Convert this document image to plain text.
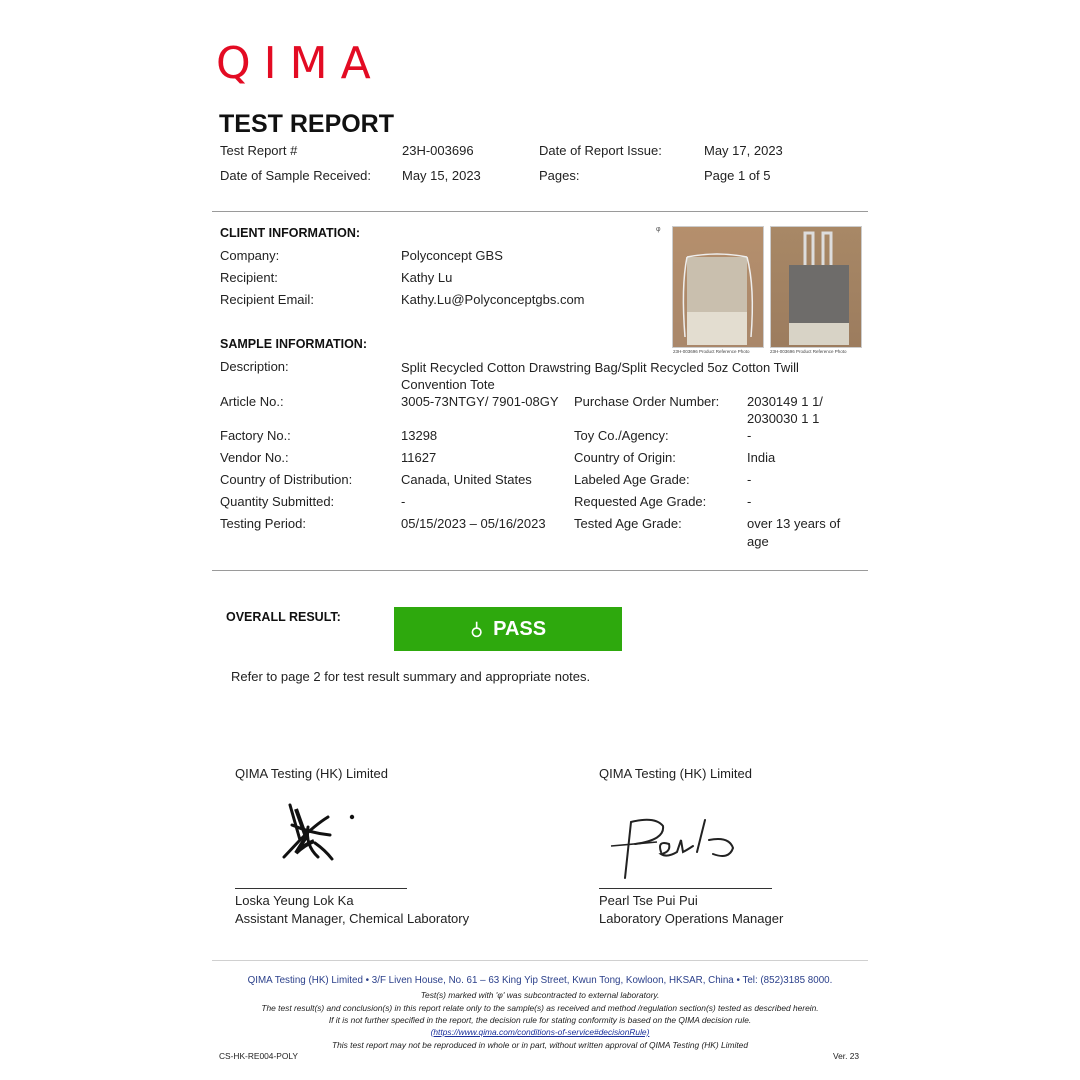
QIMA
TEST REPORT
Test Report #	23H-003696	Date of Report Issue:	May 17, 2023
Date of Sample Received: May 15, 2023	Pages:	Page 1 of 5
CLIENT INFORMATION:
Company:	Polyconcept GBS
Recipient:	Kathy Lu
Recipient Email:	Kathy.Lu@Polyconceptgbs.com
φ
23H-003696 Product Reference Photo	23H-003696 Product Reference Photo
SAMPLE INFORMATION:
Description:	Split Recycled Cotton Drawstring Bag/Split Recycled 5oz Cotton Twill Convention Tote
Article No.:	3005-73NTGY/ 7901-08GY Purchase Order Number: 2030149 1 1/
2030030 1 1
Factory No.:	13298	Toy Co./Agency:	-
Vendor No.:	11627	Country of Origin:	India
Country of Distribution:	Canada, United States	Labeled Age Grade:	-
Quantity Submitted:	-	Requested Age Grade:	-
Testing Period:	05/15/2023 – 05/16/2023 Tested Age Grade:	over 13 years of
age
OVERALL RESULT:
⚲ PASS
Refer to page 2 for test result summary and appropriate notes.
QIMA Testing (HK) Limited
Loska Yeung Lok Ka
Assistant Manager, Chemical Laboratory
QIMA Testing (HK) Limited
Pearl Tse Pui Pui
Laboratory Operations Manager
QIMA Testing (HK) Limited • 3/F Liven House, No. 61 – 63 King Yip Street, Kwun Tong, Kowloon, HKSAR, China • Tel: (852)3185 8000.
Test(s) marked with 'φ' was subcontracted to external laboratory.
The test result(s) and conclusion(s) in this report relate only to the sample(s) as received and method /regulation section(s) tested as described herein.
If it is not further specified in the report, the decision rule for stating conformity is based on the QIMA decision rule.
(https://www.qima.com/conditions-of-service#decisionRule)
This test report may not be reproduced in whole or in part, without written approval of QIMA Testing (HK) Limited
CS-HK-RE004-POLY	Ver. 23
